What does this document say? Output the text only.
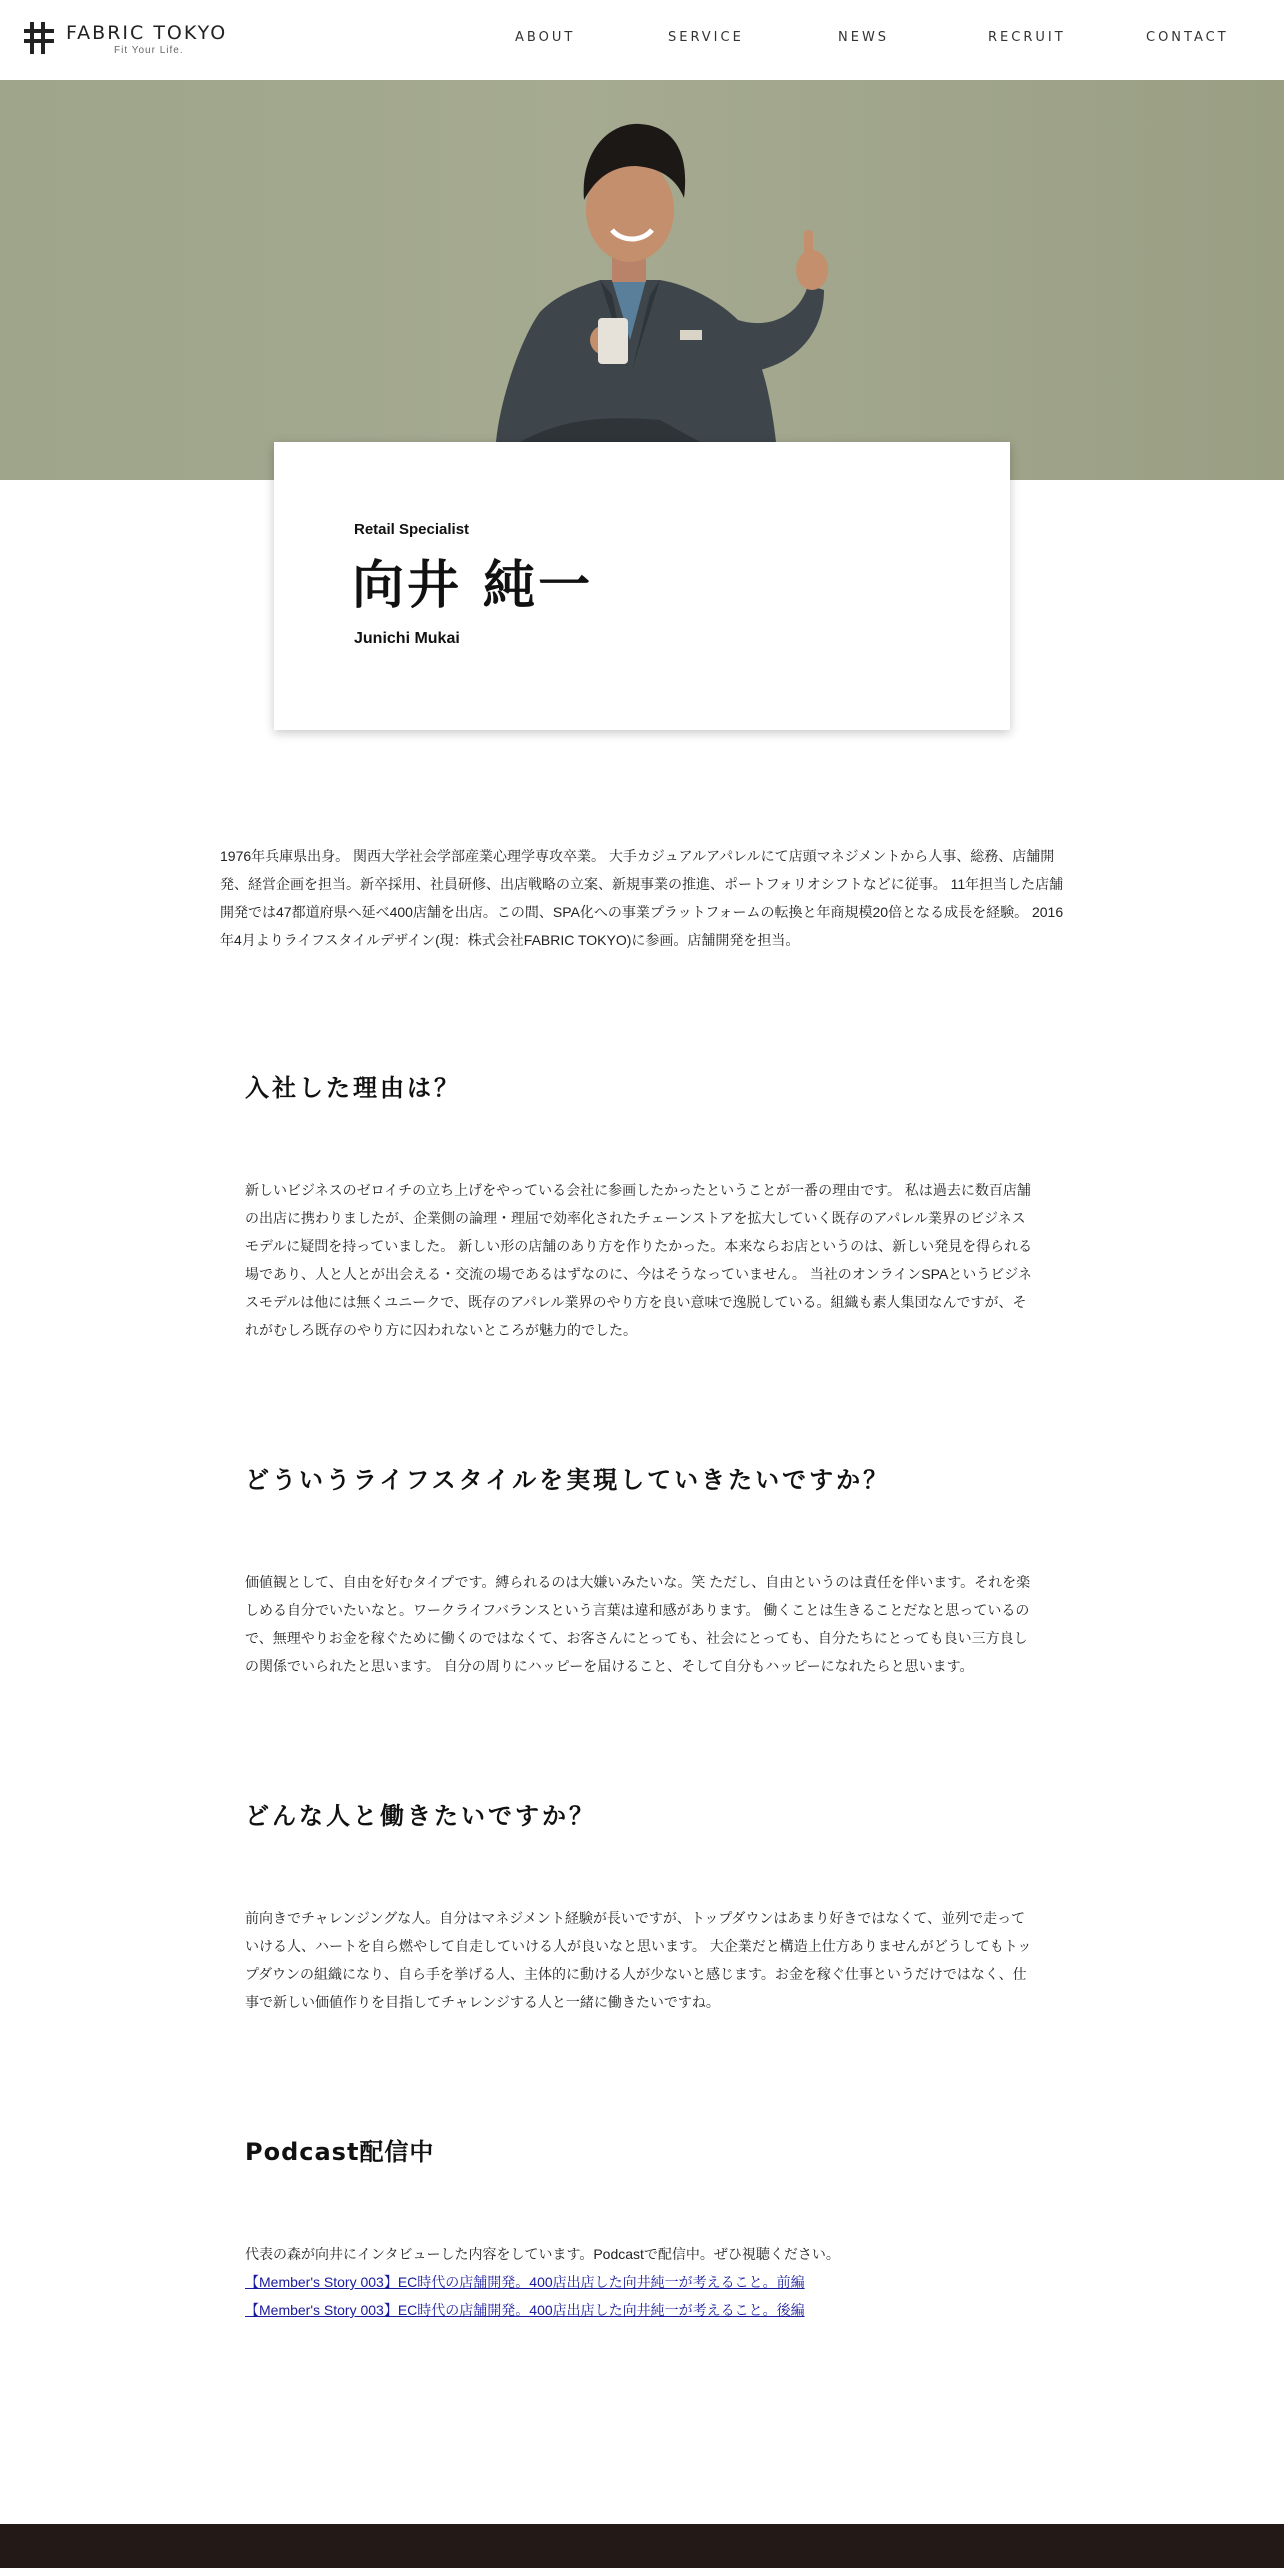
FABRIC TOKYO
Fit Your Life.
ABOUT	SERVICE	NEWS	RECRUIT	CONTACT
Retail Specialist
向井 純一
Junichi Mukai

1976年兵庫県出身。 関西大学社会学部産業心理学専攻卒業。 大手カジュアルアパレルにて店頭マネジメントから人事、総務、店舗開発、経営企画を担当。新卒採用、社員研修、出店戦略の立案、新規事業の推進、ポートフォリオシフトなどに従事。 11年担当した店舗開発では47都道府県へ延べ400店舗を出店。この間、SPA化への事業プラットフォームの転換と年商規模20倍となる成長を経験。 2016年4月よりライフスタイルデザイン(現：株式会社FABRIC TOKYO)に参画。店舗開発を担当。

入社した理由は？

新しいビジネスのゼロイチの立ち上げをやっている会社に参画したかったということが一番の理由です。 私は過去に数百店舗の出店に携わりましたが、企業側の論理・理屈で効率化されたチェーンストアを拡大していく既存のアパレル業界のビジネスモデルに疑問を持っていました。 新しい形の店舗のあり方を作りたかった。本来ならお店というのは、新しい発見を得られる場であり、人と人とが出会える・交流の場であるはずなのに、今はそうなっていません。 当社のオンラインSPAというビジネスモデルは他には無くユニークで、既存のアパレル業界のやり方を良い意味で逸脱している。組織も素人集団なんですが、それがむしろ既存のやり方に囚われないところが魅力的でした。

どういうライフスタイルを実現していきたいですか？

価値観として、自由を好むタイプです。縛られるのは大嫌いみたいな。笑 ただし、自由というのは責任を伴います。それを楽しめる自分でいたいなと。ワークライフバランスという言葉は違和感があります。 働くことは生きることだなと思っているので、無理やりお金を稼ぐために働くのではなくて、お客さんにとっても、社会にとっても、自分たちにとっても良い三方良しの関係でいられたと思います。 自分の周りにハッピーを届けること、そして自分もハッピーになれたらと思います。

どんな人と働きたいですか？

前向きでチャレンジングな人。自分はマネジメント経験が長いですが、トップダウンはあまり好きではなくて、並列で走っていける人、ハートを自ら燃やして自走していける人が良いなと思います。 大企業だと構造上仕方ありませんがどうしてもトップダウンの組織になり、自ら手を挙げる人、主体的に動ける人が少ないと感じます。お金を稼ぐ仕事というだけではなく、仕事で新しい価値作りを目指してチャレンジする人と一緒に働きたいですね。

Podcast配信中

代表の森が向井にインタビューした内容をしています。Podcastで配信中。ぜひ視聴ください。

【Member's Story 003】EC時代の店舗開発。400店出店した向井純一が考えること。前編
【Member's Story 003】EC時代の店舗開発。400店出店した向井純一が考えること。後編
